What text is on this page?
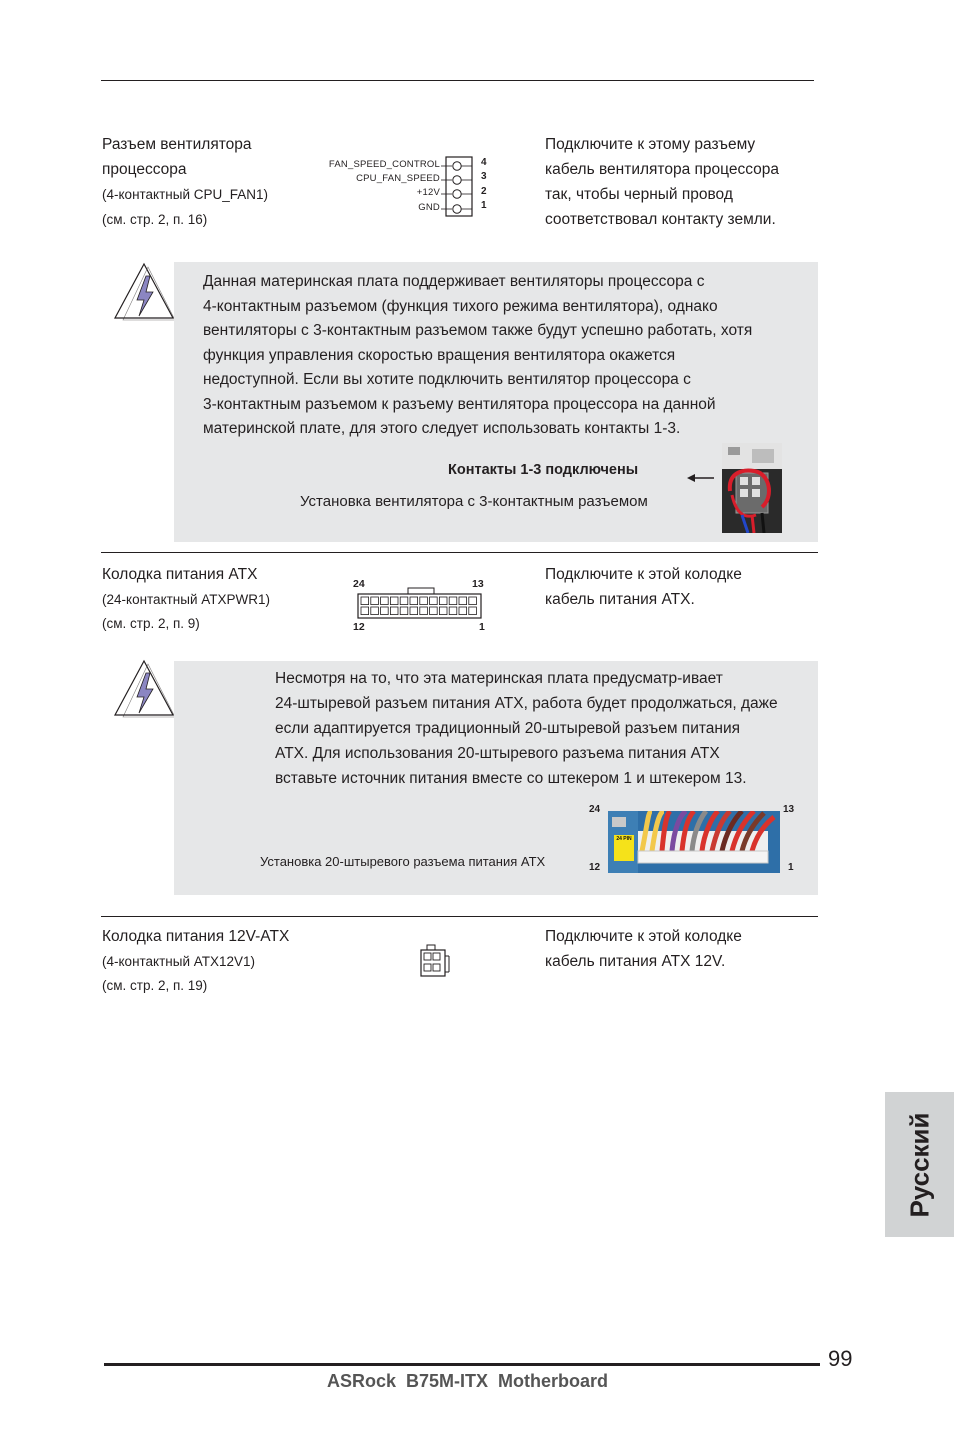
Разъем вентилятора
процессора
(4-контактный CPU_FAN1)
(см. стр. 2, п. 16)
FAN_SPEED_CONTROL
CPU_FAN_SPEED
+12V
GND
4
3
2
1
Подключите к этому разъему
кабель вентилятора процессора
так, чтобы черный провод
соответствовал контакту земли.
Данная материнская плата поддерживает вентиляторы процессора с
4-контактным разъемом (функция тихого режима вентилятора), однако
вентиляторы с 3-контактным разъемом также будут успешно работать, хотя
функция управления скоростью вращения вентилятора окажется
недоступной. Если вы хотите подключить вентилятор процессора с
3-контактным разъемом к разъему вентилятора процессора на данной
материнской плате, для этого следует использовать контакты 1-3.
Контакты 1-3 подключены
Установка вентилятора с 3-контактным разъемом
Колодка питания ATX
(24-контактный ATXPWR1)
(см. стр. 2, п. 9)
24	13
12	1
Подключите к этой колодке
кабель питания ATX.
Несмотря на то, что эта материнская плата предусматр-ивает
24-штыревой разъем питания ATX, работа будет продолжаться, даже
если адаптируется традиционный 20-штыревой разъем питания
ATX. Для использования 20-штыревого разъема питания ATX
вставьте источник питания вместе со штекером 1 и штекером 13.
Установка 20-штыревого разъема питания ATX
24	13
12	1
24 PIN
Колодка питания 12V-ATX
(4-контактный ATX12V1)
(см. стр. 2, п. 19)
Подключите к этой колодке
кабель питания ATX 12V.
Русский
99
ASRock  B75M-ITX  Motherboard
